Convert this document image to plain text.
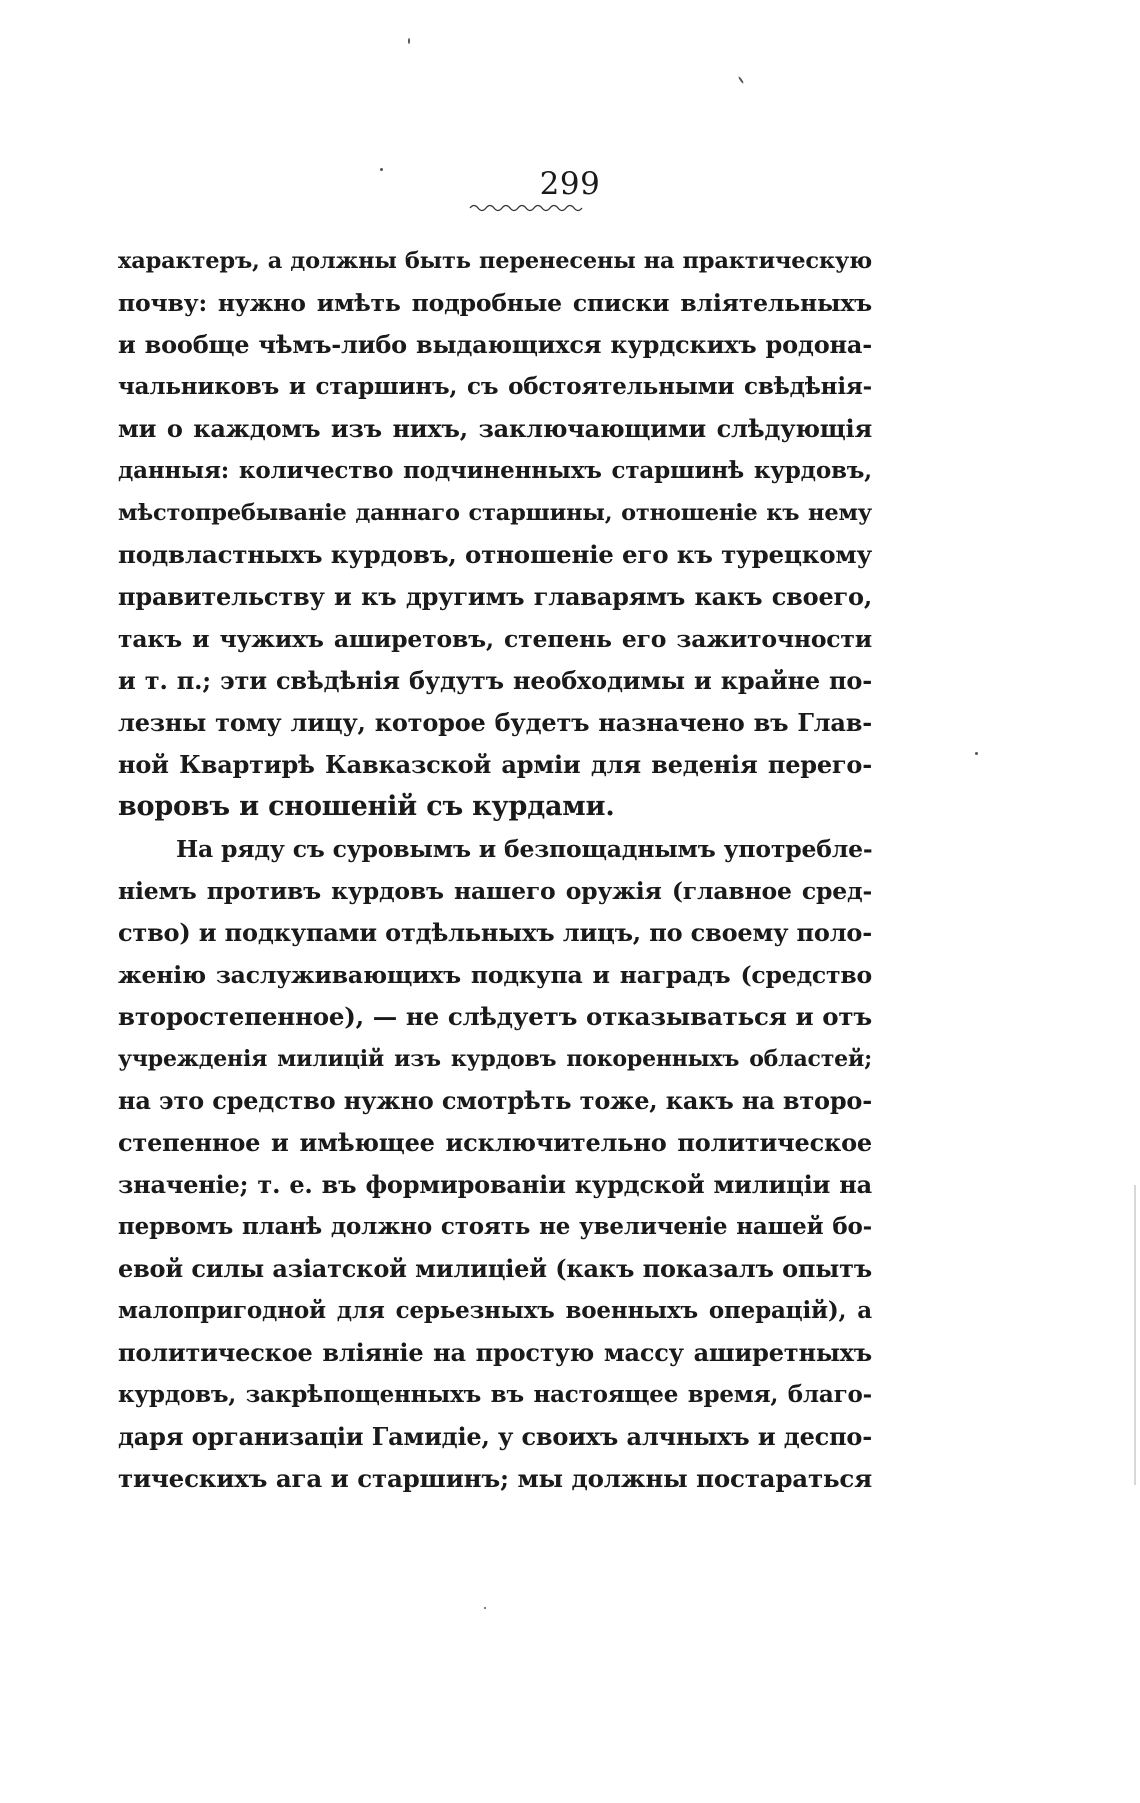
299
характеръ, а должны быть перенесены на практическую
почву: нужно имѣть подробные списки вліятельныхъ
и вообще чѣмъ-либо выдающихся курдскихъ родона-
чальниковъ и старшинъ, съ обстоятельными свѣдѣнія-
ми о каждомъ изъ нихъ, заключающими слѣдующія
данныя: количество подчиненныхъ старшинѣ курдовъ,
мѣстопребываніе даннаго старшины, отношеніе къ нему
подвластныхъ курдовъ, отношеніе его къ турецкому
правительству и къ другимъ главарямъ какъ своего,
такъ и чужихъ аширетовъ, степень его зажиточности
и т. п.; эти свѣдѣнія будутъ необходимы и крайне по-
лезны тому лицу, которое будетъ назначено въ Глав-
ной Квартирѣ Кавказской арміи для веденія перего-
воровъ и сношеній съ курдами.
На ряду съ суровымъ и безпощаднымъ употребле-
ніемъ противъ курдовъ нашего оружія (главное сред-
ство) и подкупами отдѣльныхъ лицъ, по своему поло-
женію заслуживающихъ подкупа и наградъ (средство
второстепенное), — не слѣдуетъ отказываться и отъ
учрежденія милицій изъ курдовъ покоренныхъ областей;
на это средство нужно смотрѣть тоже, какъ на второ-
степенное и имѣющее исключительно политическое
значеніе; т. е. въ формированіи курдской милиціи на
первомъ планѣ должно стоять не увеличеніе нашей бо-
евой силы азіатской милиціей (какъ показалъ опытъ
малопригодной для серьезныхъ военныхъ операцій), а
политическое вліяніе на простую массу аширетныхъ
курдовъ, закрѣпощенныхъ въ настоящее время, благо-
даря организаціи Гамидіе, у своихъ алчныхъ и деспо-
тическихъ ага и старшинъ; мы должны постараться
